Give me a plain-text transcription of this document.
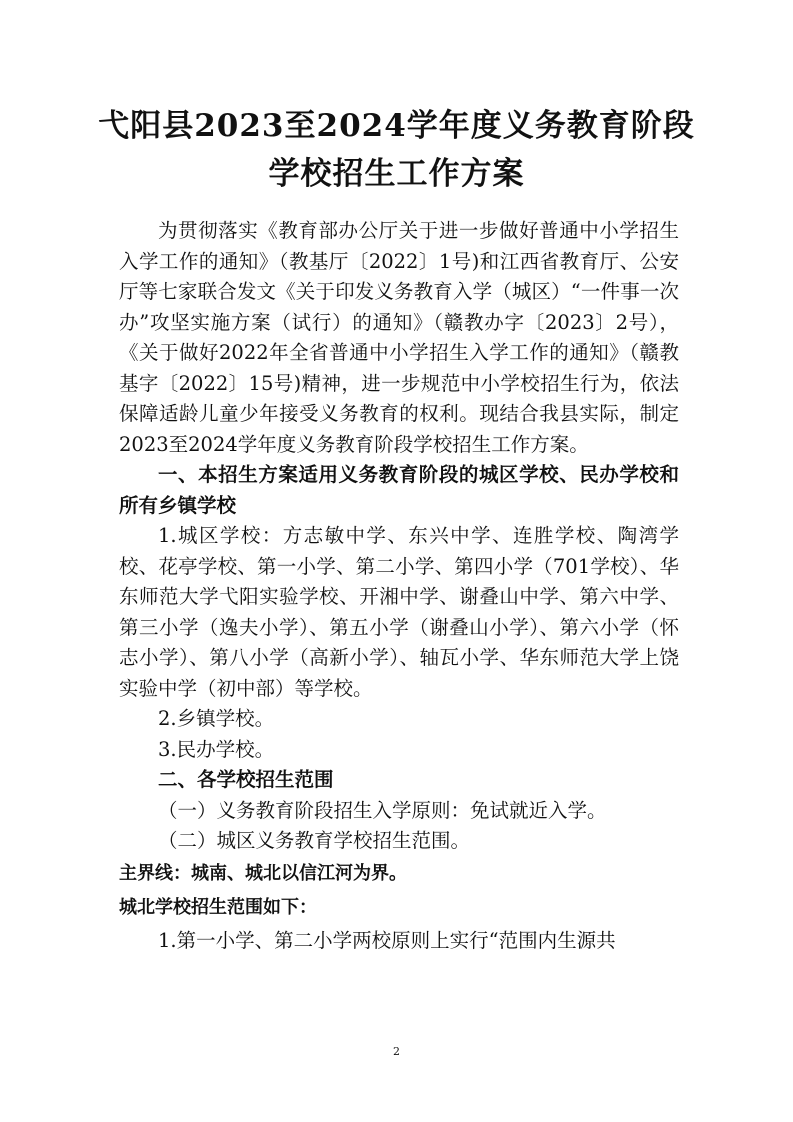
弋阳县2023至2024学年度义务教育阶段
学校招生工作方案

为贯彻落实《教育部办公厅关于进一步做好普通中小学招生入学工作的通知》（教基厅〔2022〕1号)和江西省教育厅、公安厅等七家联合发文《关于印发义务教育入学（城区）“一件事一次办”攻坚实施方案（试行）的通知》（赣教办字〔2023〕2号），《关于做好2022年全省普通中小学招生入学工作的通知》（赣教基字〔2022〕15号)精神，进一步规范中小学校招生行为，依法保障适龄儿童少年接受义务教育的权利。现结合我县实际，制定2023至2024学年度义务教育阶段学校招生工作方案。

一、本招生方案适用义务教育阶段的城区学校、民办学校和所有乡镇学校

1.城区学校：方志敏中学、东兴中学、连胜学校、陶湾学校、花亭学校、第一小学、第二小学、第四小学（701学校）、华东师范大学弋阳实验学校、开湘中学、谢叠山中学、第六中学、第三小学（逸夫小学）、第五小学（谢叠山小学）、第六小学（怀志小学）、第八小学（高新小学）、轴瓦小学、华东师范大学上饶实验中学（初中部）等学校。

2.乡镇学校。

3.民办学校。

二、各学校招生范围

（一）义务教育阶段招生入学原则：免试就近入学。

（二）城区义务教育学校招生范围。

主界线：城南、城北以信江河为界。

城北学校招生范围如下：

1.第一小学、第二小学两校原则上实行“范围内生源共

2
